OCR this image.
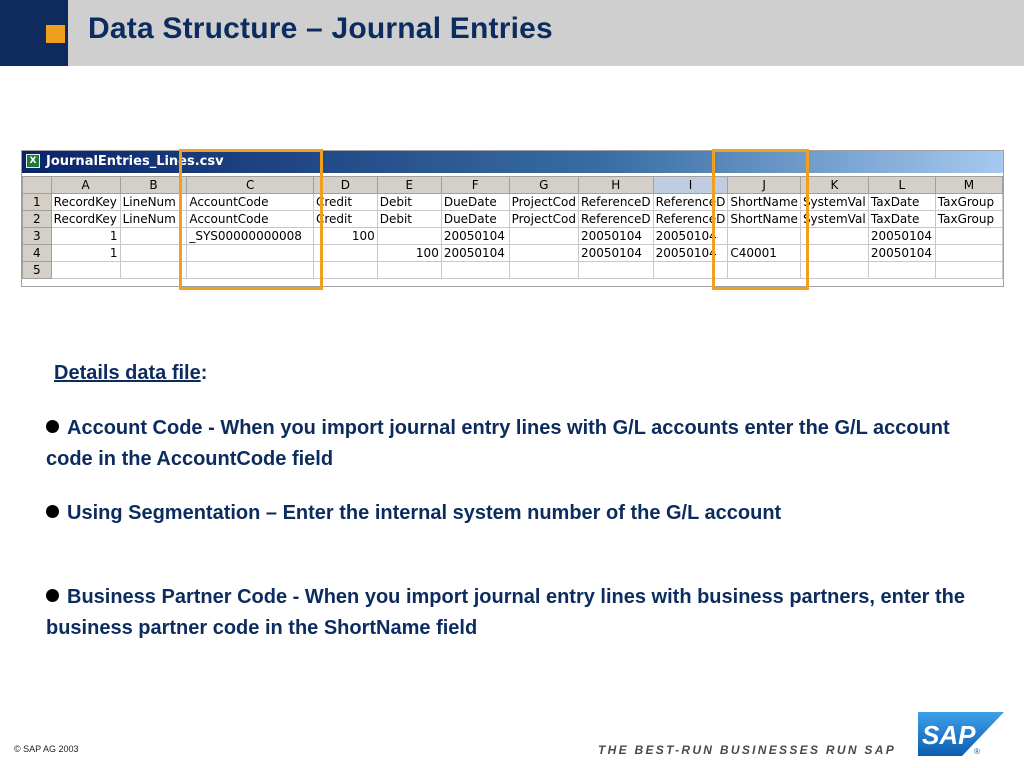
Data Structure – Journal Entries
X JournalEntries_Lines.csv
	A	B	C	D	E	F	G	H	I	J	K	L	M
1	RecordKey	LineNum	AccountCode	Credit	Debit	DueDate	ProjectCod	ReferenceD	ReferenceD	ShortName	SystemVal	TaxDate	TaxGroup
2	RecordKey	LineNum	AccountCode	Credit	Debit	DueDate	ProjectCod	ReferenceD	ReferenceD	ShortName	SystemVal	TaxDate	TaxGroup
3	1		_SYS00000000008	100		20050104		20050104	20050104			20050104	
4	1				100	20050104		20050104	20050104	C40001		20050104	
5													
Details data file:
Account Code - When you import journal entry lines with G/L accounts enter the G/L account code in the AccountCode field
Using Segmentation – Enter the internal system number of the G/L account
Business Partner Code - When you import journal entry lines with business partners, enter the business partner code in the ShortName field
© SAP AG 2003	THE BEST-RUN BUSINESSES RUN SAP SAP
®
